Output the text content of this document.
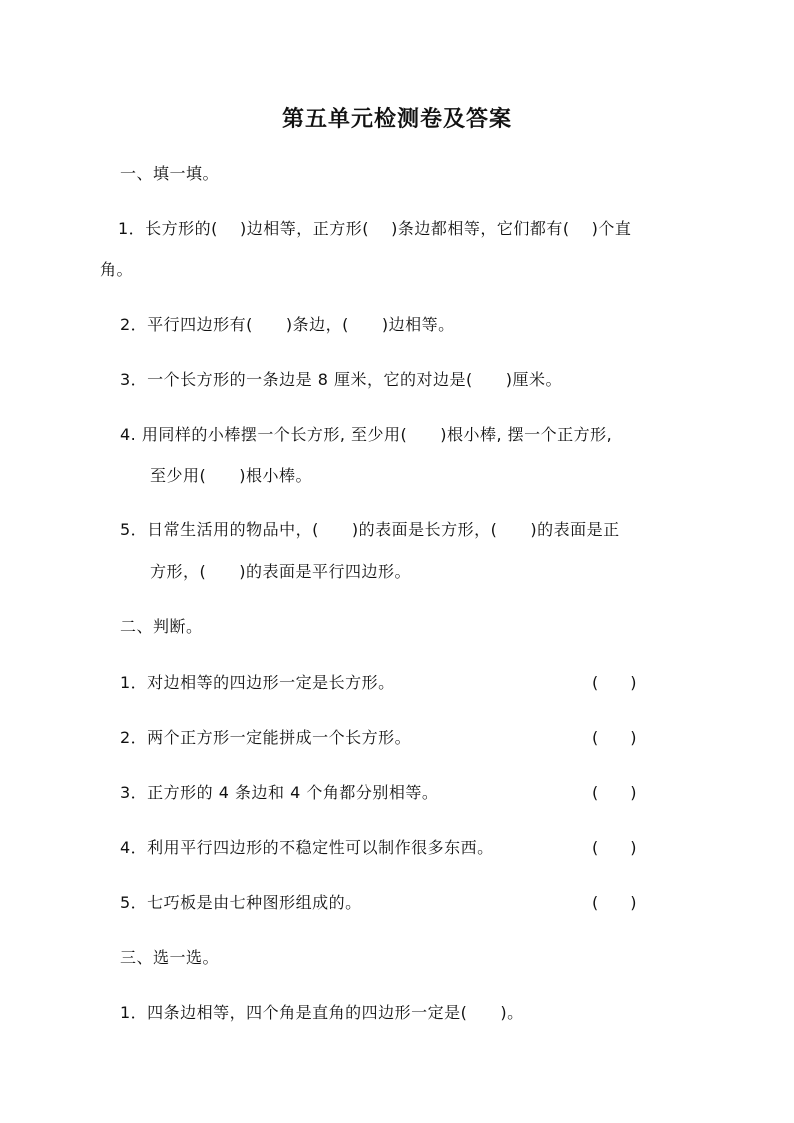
第五单元检测卷及答案
一、填一填。
1．长方形的(　 )边相等，正方形(　 )条边都相等，它们都有(　 )个直
角。
2．平行四边形有(　　)条边，(　　)边相等。
3．一个长方形的一条边是 8 厘米，它的对边是(　　)厘米。
4. 用同样的小棒摆一个长方形, 至少用(　　)根小棒, 摆一个正方形,
至少用(　　)根小棒。
5．日常生活用的物品中，(　　)的表面是长方形，(　　)的表面是正
方形，(　　)的表面是平行四边形。
二、判断。
1．对边相等的四边形一定是长方形。	(　　)
2．两个正方形一定能拼成一个长方形。	(　　)
3．正方形的 4 条边和 4 个角都分别相等。	(　　)
4．利用平行四边形的不稳定性可以制作很多东西。	(　　)
5．七巧板是由七种图形组成的。	(　　)
三、选一选。
1．四条边相等，四个角是直角的四边形一定是(　　)。
